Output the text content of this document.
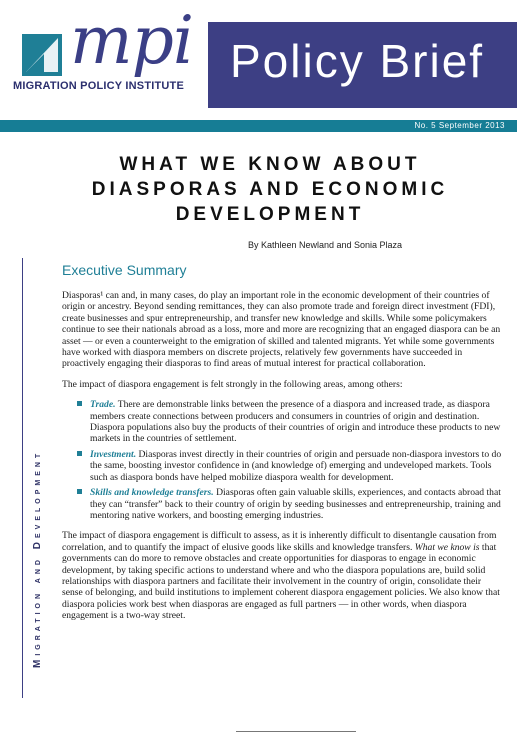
mpi
MIGRATION POLICY INSTITUTE Policy Brief
No. 5 September 2013
WHAT WE KNOW ABOUT DIASPORAS AND ECONOMIC DEVELOPMENT
By Kathleen Newland and Sonia Plaza
Migration and Development
Executive Summary

Diasporas¹ can and, in many cases, do play an important role in the economic development of their countries of origin or ancestry. Beyond sending remittances, they can also promote trade and foreign direct investment (FDI), create businesses and spur entrepreneurship, and transfer new knowledge and skills. While some policymakers continue to see their nationals abroad as a loss, more and more are recognizing that an engaged diaspora can be an asset — or even a counterweight to the emigration of skilled and talented migrants. Yet while some governments have worked with diaspora members on discrete projects, relatively few governments have succeeded in proactively engaging their diasporas to find areas of mutual interest for practical collaboration.

The impact of diaspora engagement is felt strongly in the following areas, among others:

Trade. There are demonstrable links between the presence of a diaspora and increased trade, as diaspora members create connections between producers and consumers in countries of origin and destination. Diaspora populations also buy the products of their countries of origin and introduce these products to new markets in the countries of settlement.
Investment. Diasporas invest directly in their countries of origin and persuade non-diaspora investors to do the same, boosting investor confidence in (and knowledge of) emerging and undeveloped markets. Tools such as diaspora bonds have helped mobilize diaspora wealth for development.
Skills and knowledge transfers. Diasporas often gain valuable skills, experiences, and contacts abroad that they can “transfer” back to their country of origin by seeding businesses and entrepreneurship, training and mentoring native workers, and boosting emerging industries.

The impact of diaspora engagement is difficult to assess, as it is inherently difficult to disentangle causation from correlation, and to quantify the impact of elusive goods like skills and knowledge transfers. What we know is that governments can do more to remove obstacles and create opportunities for diasporas to engage in economic development, by taking specific actions to understand where and who the diaspora populations are, build solid relationships with diaspora partners and facilitate their involvement in the country of origin, consolidate their sense of belonging, and build institutions to implement coherent diaspora engagement policies. We also know that diaspora policies work best when diasporas are engaged as full partners — in other words, when diaspora engagement is a two-way street.
